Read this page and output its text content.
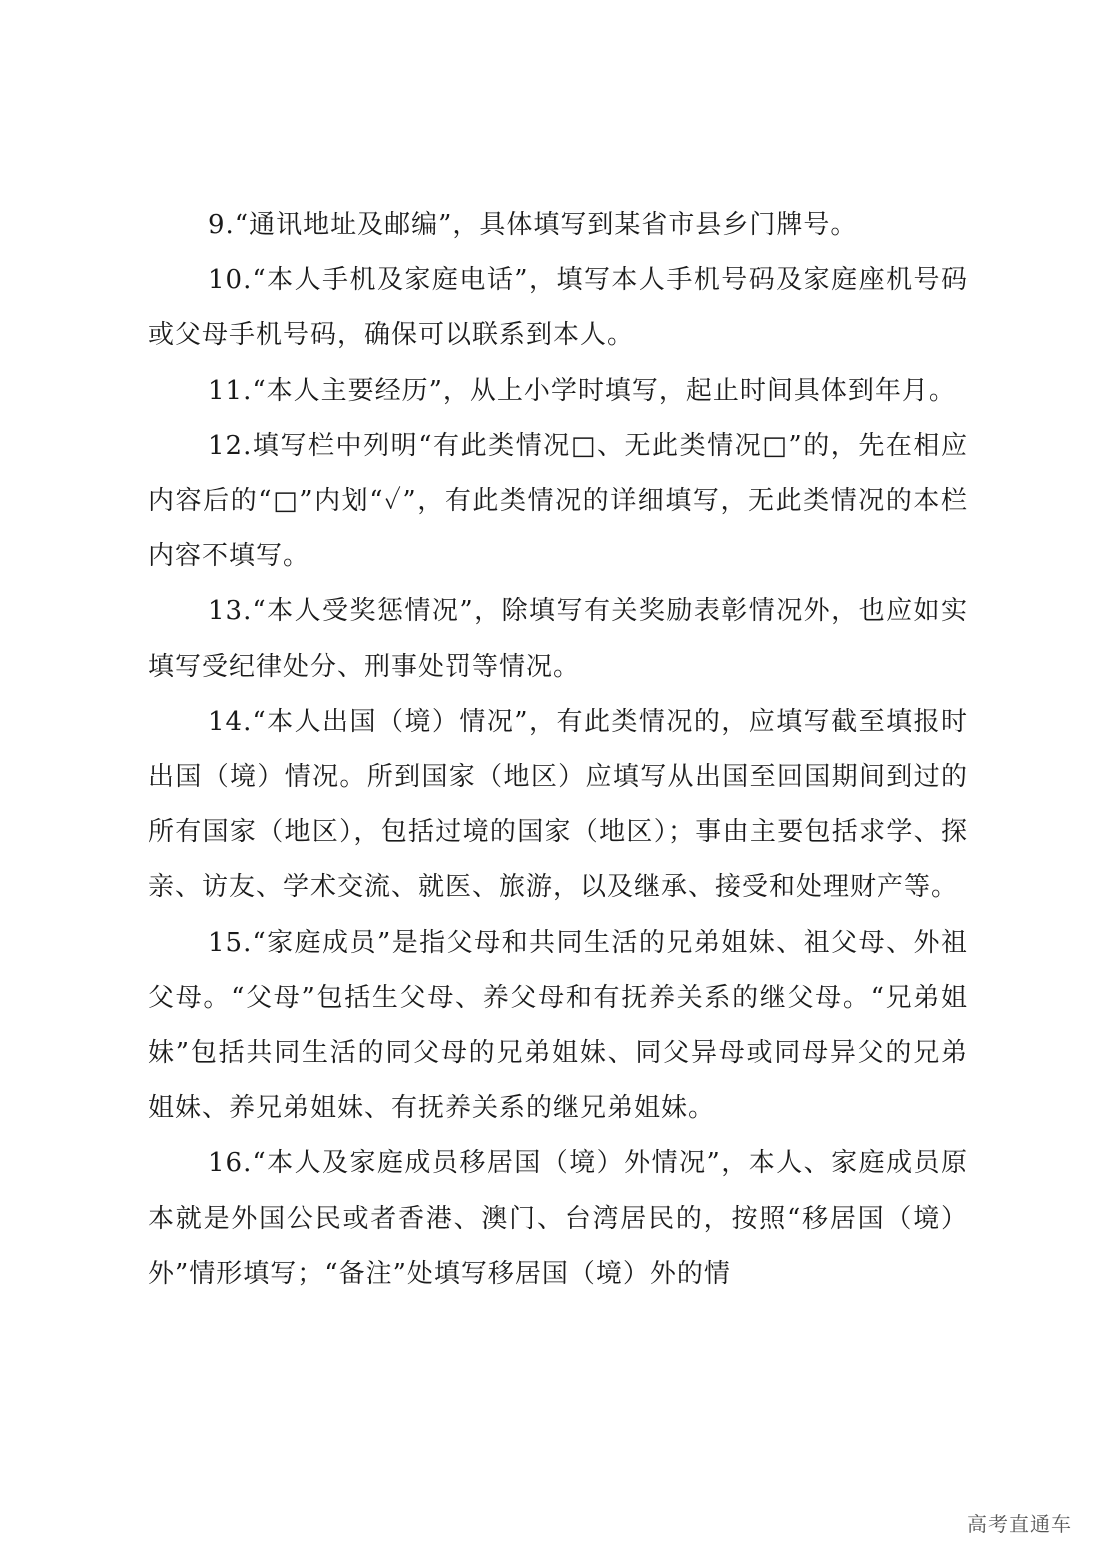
9.“通讯地址及邮编”，具体填写到某省市县乡门牌号。

10.“本人手机及家庭电话”，填写本人手机号码及家庭座机号码或父母手机号码，确保可以联系到本人。

11.“本人主要经历”，从上小学时填写，起止时间具体到年月。

12.填写栏中列明“有此类情况□、无此类情况□”的，先在相应内容后的“□”内划“✓”，有此类情况的详细填写，无此类情况的本栏内容不填写。

13.“本人受奖惩情况”，除填写有关奖励表彰情况外，也应如实填写受纪律处分、刑事处罚等情况。

14.“本人出国（境）情况”，有此类情况的，应填写截至填报时出国（境）情况。所到国家（地区）应填写从出国至回国期间到过的所有国家（地区），包括过境的国家（地区）；事由主要包括求学、探亲、访友、学术交流、就医、旅游，以及继承、接受和处理财产等。

15.“家庭成员”是指父母和共同生活的兄弟姐妹、祖父母、外祖父母。“父母”包括生父母、养父母和有抚养关系的继父母。“兄弟姐妹”包括共同生活的同父母的兄弟姐妹、同父异母或同母异父的兄弟姐妹、养兄弟姐妹、有抚养关系的继兄弟姐妹。

16.“本人及家庭成员移居国（境）外情况”，本人、家庭成员原本就是外国公民或者香港、澳门、台湾居民的，按照“移居国（境）外”情形填写；“备注”处填写移居国（境）外的情

高考直通车
